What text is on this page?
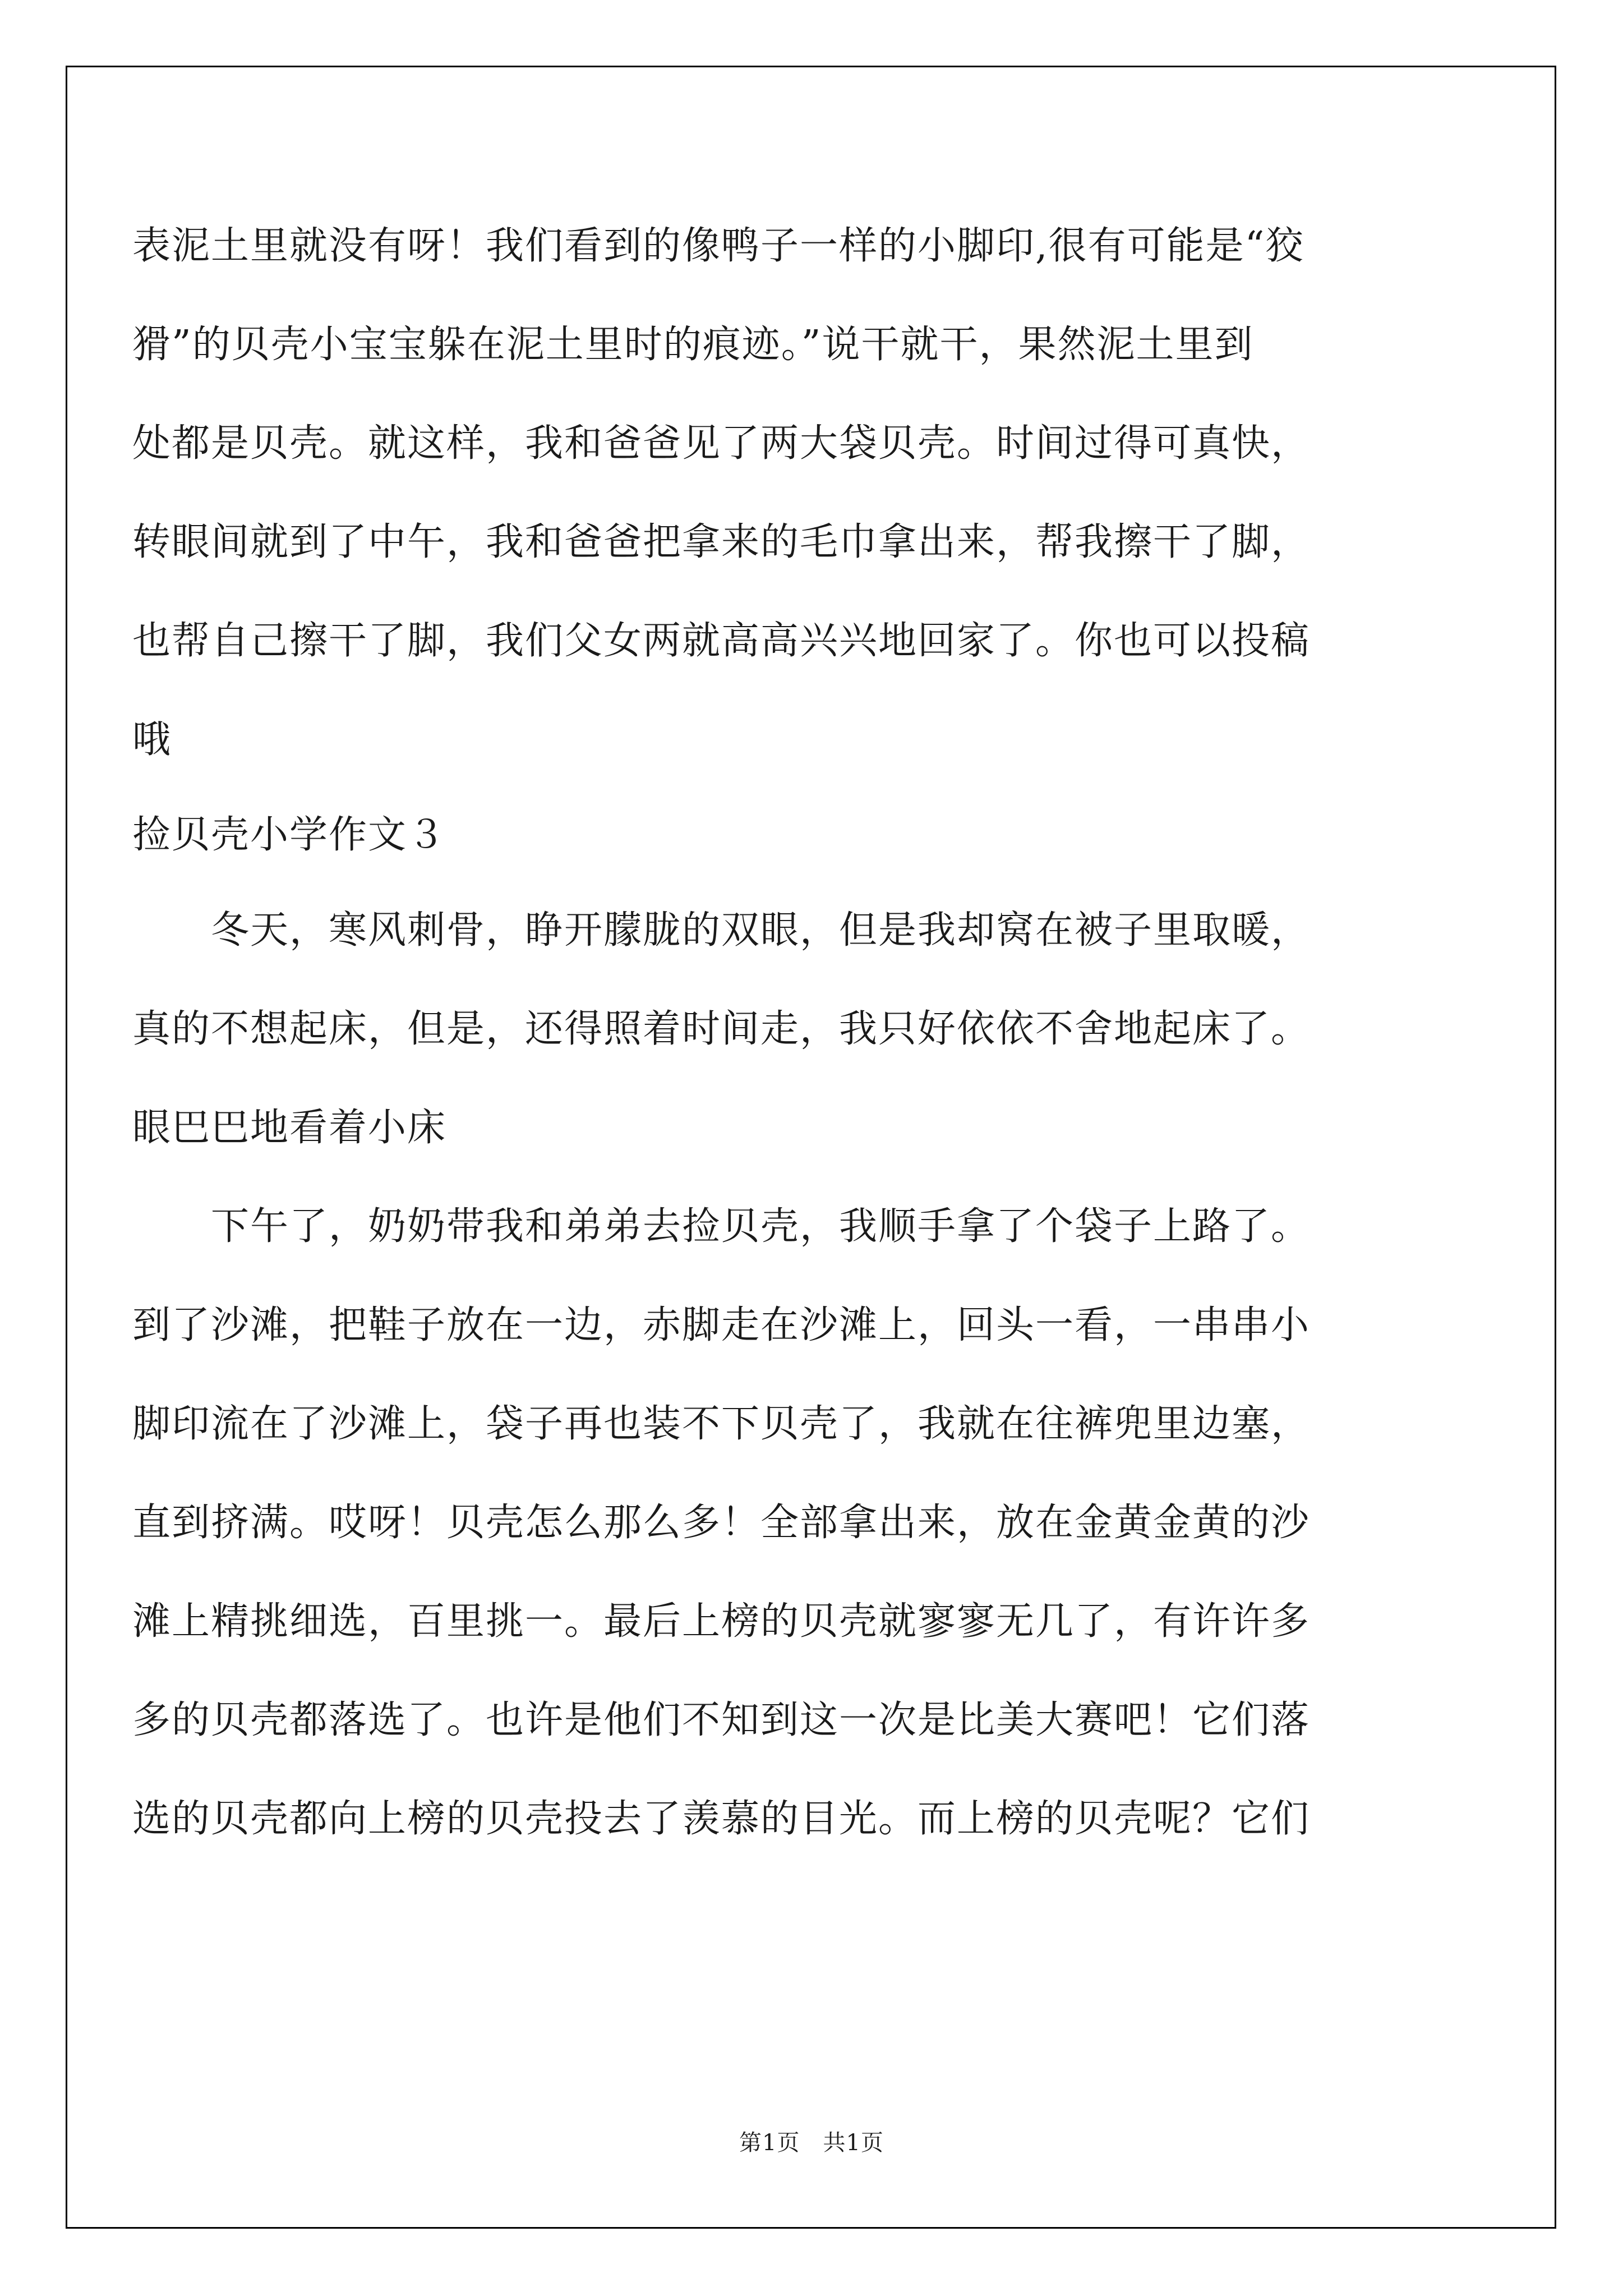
表泥土里就没有呀！我们看到的像鸭子一样的小脚印,很有可能是“狡
猾”的贝壳小宝宝躲在泥土里时的痕迹。”说干就干，果然泥土里到
处都是贝壳。就这样，我和爸爸见了两大袋贝壳。时间过得可真快，
转眼间就到了中午，我和爸爸把拿来的毛巾拿出来，帮我擦干了脚，
也帮自己擦干了脚，我们父女两就高高兴兴地回家了。你也可以投稿
哦
捡贝壳小学作文３
冬天，寒风刺骨，睁开朦胧的双眼，但是我却窝在被子里取暖，
真的不想起床，但是，还得照着时间走，我只好依依不舍地起床了。
眼巴巴地看着小床
下午了，奶奶带我和弟弟去捡贝壳，我顺手拿了个袋子上路了。
到了沙滩，把鞋子放在一边，赤脚走在沙滩上，回头一看，一串串小
脚印流在了沙滩上，袋子再也装不下贝壳了，我就在往裤兜里边塞，
直到挤满。哎呀！贝壳怎么那么多！全部拿出来，放在金黄金黄的沙
滩上精挑细选，百里挑一。最后上榜的贝壳就寥寥无几了，有许许多
多的贝壳都落选了。也许是他们不知到这一次是比美大赛吧！它们落
选的贝壳都向上榜的贝壳投去了羡慕的目光。而上榜的贝壳呢？它们
第1页　共1页
